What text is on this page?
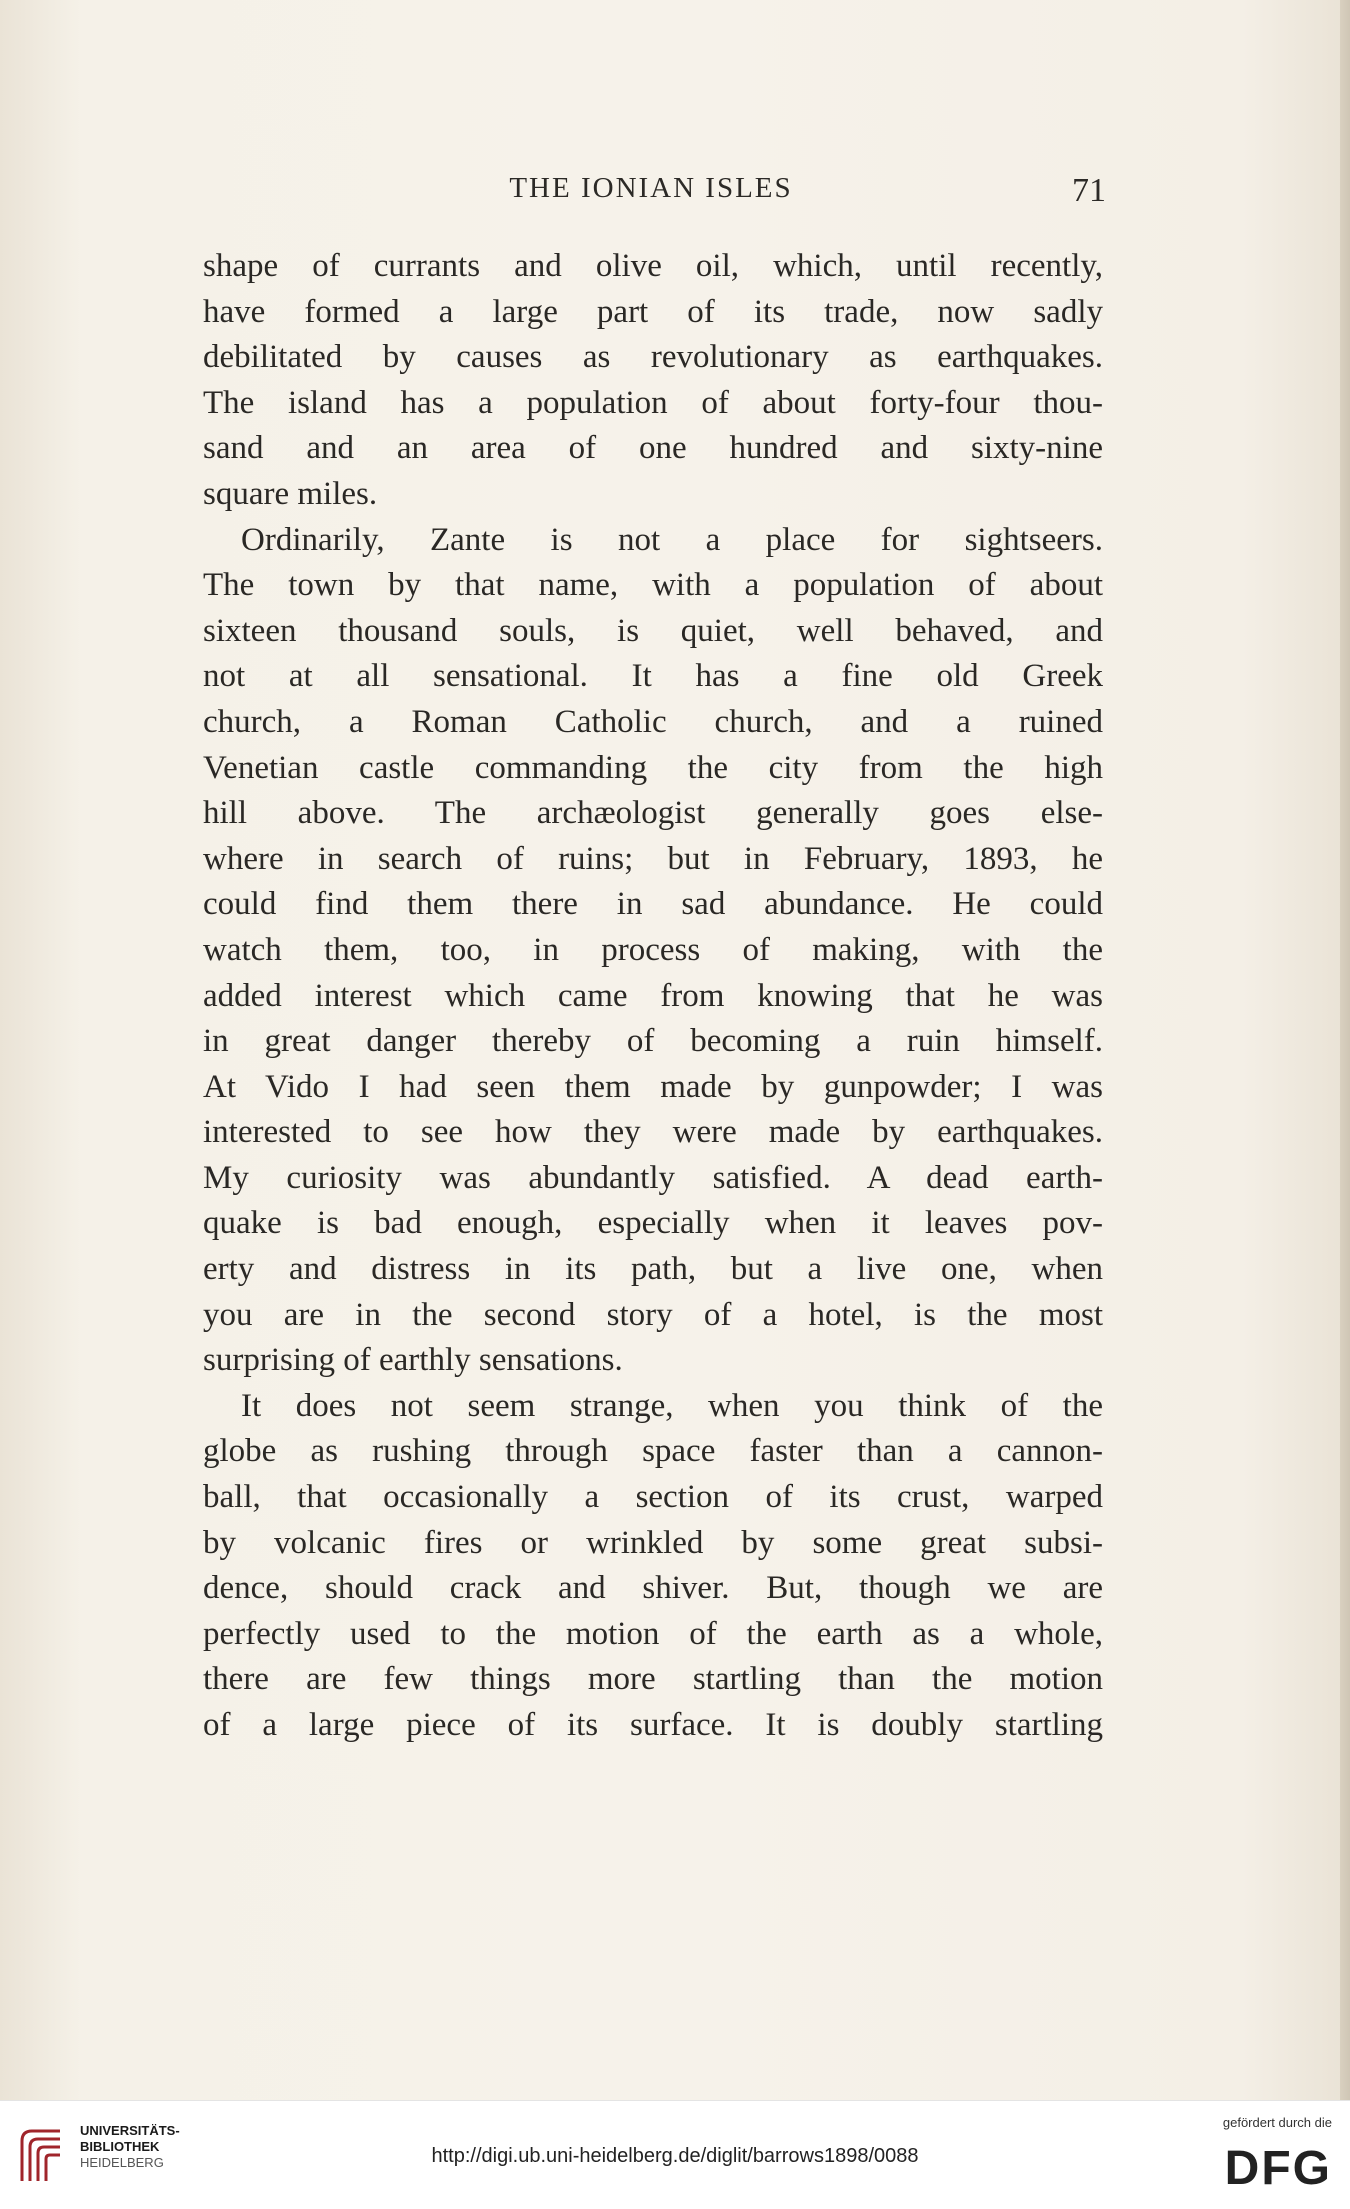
THE IONIAN ISLES	71
shape of currants and olive oil, which, until recently,
have formed a large part of its trade, now sadly
debilitated by causes as revolutionary as earthquakes.
The island has a population of about forty-four thou-
sand and an area of one hundred and sixty-nine
square miles.
Ordinarily, Zante is not a place for sightseers.
The town by that name, with a population of about
sixteen thousand souls, is quiet, well behaved, and
not at all sensational. It has a fine old Greek
church, a Roman Catholic church, and a ruined
Venetian castle commanding the city from the high
hill above. The archæologist generally goes else-
where in search of ruins; but in February, 1893, he
could find them there in sad abundance. He could
watch them, too, in process of making, with the
added interest which came from knowing that he was
in great danger thereby of becoming a ruin himself.
At Vido I had seen them made by gunpowder; I was
interested to see how they were made by earthquakes.
My curiosity was abundantly satisfied. A dead earth-
quake is bad enough, especially when it leaves pov-
erty and distress in its path, but a live one, when
you are in the second story of a hotel, is the most
surprising of earthly sensations.
It does not seem strange, when you think of the
globe as rushing through space faster than a cannon-
ball, that occasionally a section of its crust, warped
by volcanic fires or wrinkled by some great subsi-
dence, should crack and shiver. But, though we are
perfectly used to the motion of the earth as a whole,
there are few things more startling than the motion
of a large piece of its surface. It is doubly startling
UNIVERSITÄTS-
BIBLIOTHEK
HEIDELBERG	http://digi.ub.uni-heidelberg.de/diglit/barrows1898/0088
gefördert durch die
DFG
